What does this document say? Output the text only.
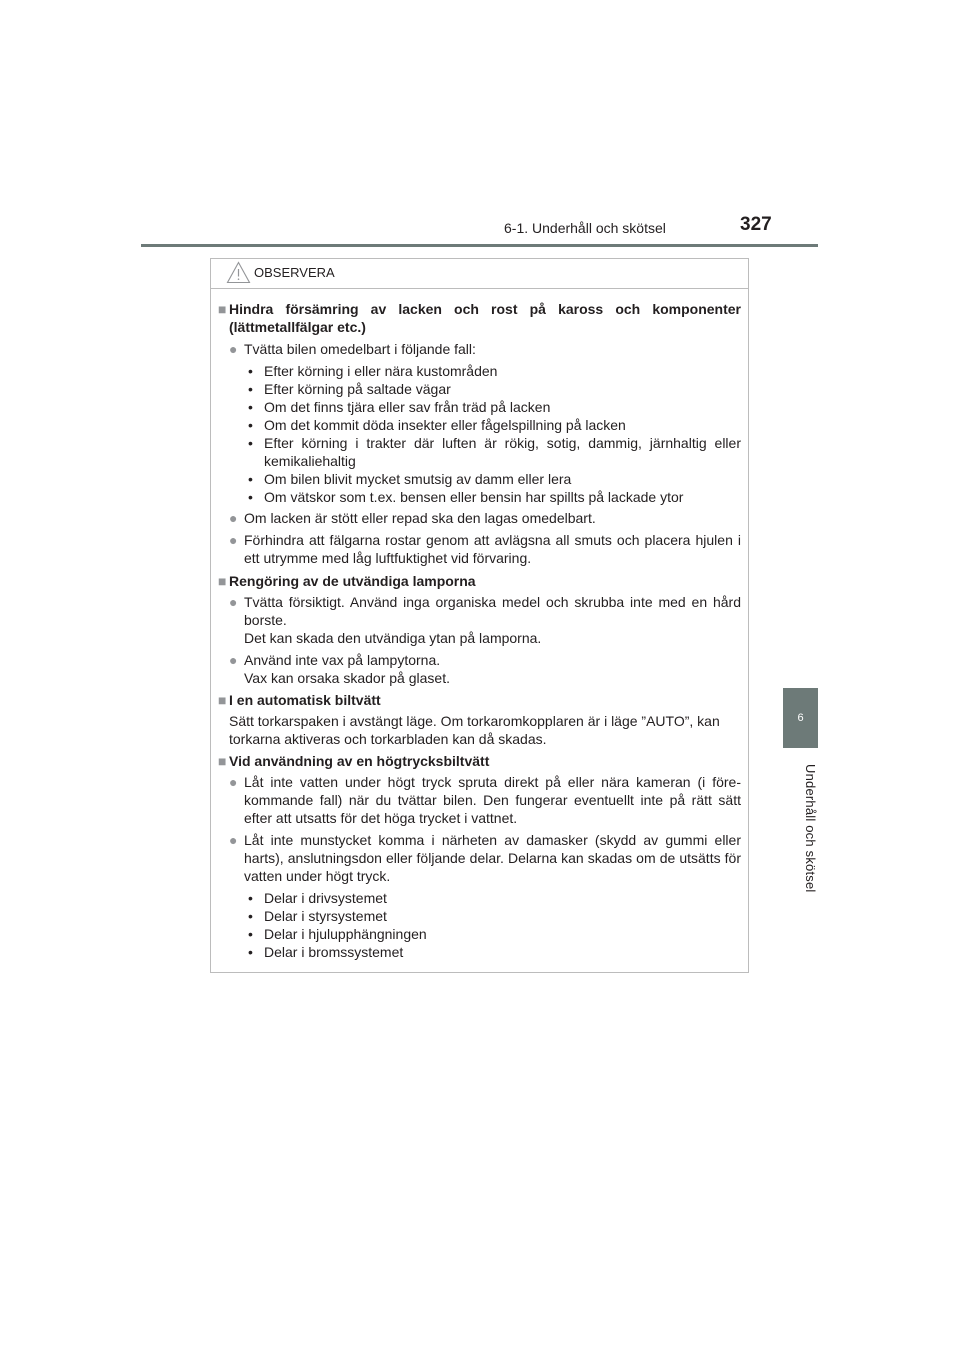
6-1. Underhåll och skötsel	327
6
Underhåll och skötsel
OBSERVERA
■ Hindra försämring av lacken och rost på kaross och komponenter (lättmetallfälgar etc.)
● Tvätta bilen omedelbart i följande fall:
• Efter körning i eller nära kustområden
• Efter körning på saltade vägar
• Om det finns tjära eller sav från träd på lacken
• Om det kommit döda insekter eller fågelspillning på lacken
• Efter körning i trakter där luften är rökig, sotig, dammig, järnhaltig eller kemikaliehaltig
• Om bilen blivit mycket smutsig av damm eller lera
• Om vätskor som t.ex. bensen eller bensin har spillts på lackade ytor
● Om lacken är stött eller repad ska den lagas omedelbart.
● Förhindra att fälgarna rostar genom att avlägsna all smuts och placera hjulen i ett utrymme med låg luftfuktighet vid förvaring.
■ Rengöring av de utvändiga lamporna
● Tvätta försiktigt. Använd inga organiska medel och skrubba inte med en hård borste.
Det kan skada den utvändiga ytan på lamporna.
● Använd inte vax på lampytorna.
Vax kan orsaka skador på glaset.
■ I en automatisk biltvätt
Sätt torkarspaken i avstängt läge. Om torkaromkopplaren är i läge ”AUTO”, kan torkarna aktiveras och torkarbladen kan då skadas.
■ Vid användning av en högtrycksbiltvätt
● Låt inte vatten under högt tryck spruta direkt på eller nära kameran (i före-kommande fall) när du tvättar bilen. Den fungerar eventuellt inte på rätt sätt efter att utsatts för det höga trycket i vattnet.
● Låt inte munstycket komma i närheten av damasker (skydd av gummi eller harts), anslutningsdon eller följande delar. Delarna kan skadas om de utsätts för vatten under högt tryck.
• Delar i drivsystemet
• Delar i styrsystemet
• Delar i hjulupphängningen
• Delar i bromssystemet
